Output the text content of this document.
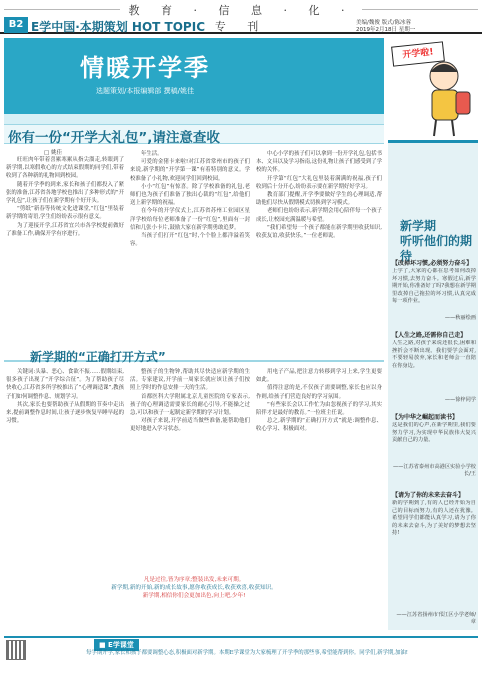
教 育 · 信 息 · 化 · 专 刊
B2 E学中国·本期策划 HOT TOPIC	美编/魏俊 版式/陈冰蓉
2019年2月18日 星期一
情暖开学季
选题策划/本报编辑部 撰稿/姚佳
开学啦!
你有一份“开学大礼包”,请注意查收
□ 姚佳

旺旺肉年带着喜累寒累从指尖溜走,转眼到了新学期,以寒假收心的方式结束假期的同学们,带着收到了各种新的礼物回到校园。

随着开学季的到来,家长和孩子们都投入了紧张的准备,江苏省各地学校也推出了多种形式的“开学礼包”,让孩子们在新学期有个好开头。

“剪纸”新春等传统文化进课堂,“红包”里装着新学期的寄语,学生们纷纷表示很有意义。

为了迎接开学,江苏省宜兴市各学校提前做好了准备工作,确保开学有序进行。

年生活。

可爱的金猪卡来啦!对江苏省常州市的孩子们来说,新学期的“开学第一课”有着特别的意义。学校准备了小礼物,欢迎同学们回到校园。

小小“红包”有惊喜。除了学校准备的礼包,老师们也为孩子们准备了独出心裁的“红包”,给他们送上新学期的祝福。

在今年的开学仪式上,江苏省苏州工业园区星洋学校给每位老师准备了一份“红包”,里面有一封信和几张小卡片,鼓励大家在新学期勇敢追梦。

当孩子们打开“红包”时,个个脸上都洋溢着笑容。

中心小学的孩子们可以拿到一份开学礼包,包括书本、文具以及学习指南,这份礼物让孩子们感受到了学校的关怀。

开学第“红包”大礼包里装着满满的祝福,孩子们收到后十分开心,纷纷表示要在新学期好好学习。

教育部门提醒,开学季要做好学生的心理调适,帮助他们尽快从假期模式切换到学习模式。

老师们也纷纷表示,新学期会用心陪伴每一个孩子成长,让校园充满温暖与希望。

“我们希望每一个孩子都能在新学期里收获知识,收获友谊,收获快乐。”一位老师说。

新学期的“正确打开方式”

关键词:头暴、恶心、食欲不振……假期结束,很多孩子出现了“开学综合征”。为了帮助孩子尽快收心,江苏省多所学校推出了“心理调适课”,教孩子们如何调整作息、规划学习。

其次,家长也要帮助孩子从假期的节奏中走出来,提前调整作息时间,让孩子逐步恢复早睡早起的习惯。

整孩子的生物钟,帮助其尽快适应新学期的生活。专家建议,开学前一周家长就应该让孩子们按照上学时的作息安排一天的生活。

首都医科大学附属北京儿童医院的专家表示,孩子的心理调适需要家长的耐心引导,不能操之过急,可以和孩子一起制定新学期的学习计划。

对孩子来说,开学前适当做些准备,能帮助他们更好地进入学习状态。

用电子产品,把注意力转移到学习上来,学生更要如此。

值得注意的是,不仅孩子需要调整,家长也应以身作则,给孩子们营造良好的学习氛围。

“有些家长会以工作忙为由忽视孩子的学习,其实陪伴才是最好的教育。”一位班主任说。

总之,新学期的“正确打开方式”就是:调整作息、收心学习、积极面对。

凡是过往,皆为序章;整装出发,未来可期。
新学期,新的开始,新的成长故事,愿你收获成长,收获欢喜,收获知识。
新学期,相信你们会更加出色,向上吧,少年!
新学期
听听他们的期待
【改掉坏习惯,必须努力奋斗】
上学了,大家的心都在思考如何改掉坏习惯,去努力奋斗。寒假过后,新学期开始,你准备好了吗?我想在新学期里改掉自己拖拉的坏习惯,认真完成每一项作业。
——秋丽绘画
【人生之路,还需你自己走】
人生之路,对孩子来说还很长,困难和挫折会不断出现。我们要学会面对,不要轻易放弃,家长和老师会一直陪在你身边。
——徐梓同学
【为中华之崛起而读书】
这是我们的心声,在新学期里,我们要努力学习,为实现中华民族伟大复兴贡献自己的力量。
——江苏省泰州市高港区实验小学校长/王
【请为了你的未来去奋斗】
新的学期到了,有的人已经开始为自己的目标而努力,有的人还在犹豫。希望同学们都能认真学习,请为了你的未来去奋斗,为了美好的梦想去坚持!
——江苏省扬州市邗江区小学老师/章
■ E学课堂
每学期开学,家长和孩子都要调整心态,积极面对新学期。本期E学课堂为大家梳理了开学季的那些事,希望能帮到你。同学们,新学期,加油!
